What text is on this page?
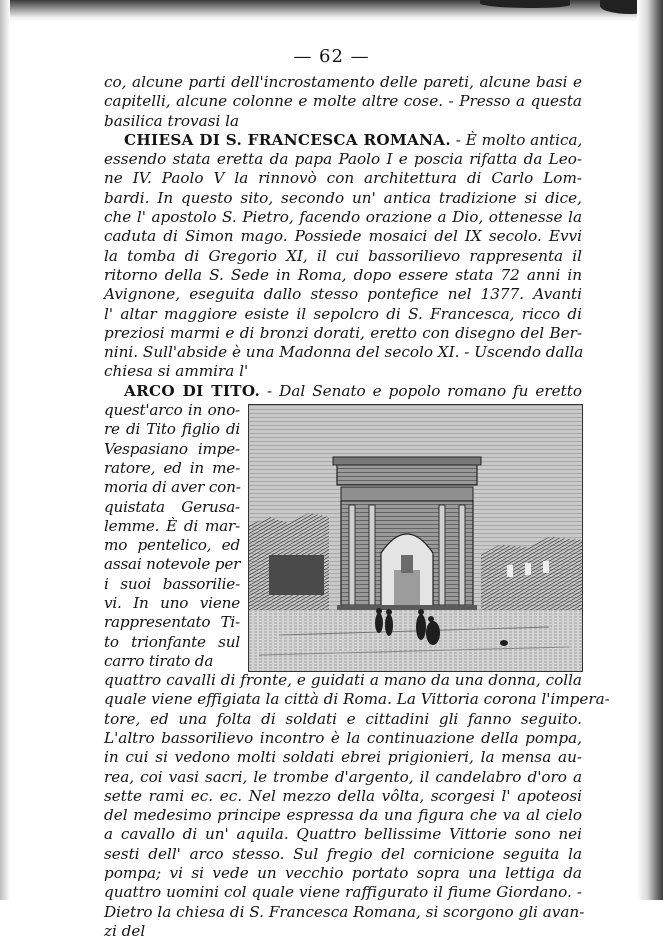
— 62 —
co, alcune parti dell'incrostamento delle pareti, alcune basi e
capitelli, alcune colonne e molte altre cose. - Presso a questa
basilica trovasi la
CHIESA DI S. FRANCESCA ROMANA. - È molto antica,
essendo stata eretta da papa Paolo I e poscia rifatta da Leo-
ne IV. Paolo V la rinnovò con architettura di Carlo Lom-
bardi. In questo sito, secondo un' antica tradizione si dice,
che l' apostolo S. Pietro, facendo orazione a Dio, ottenesse la
caduta di Simon mago. Possiede mosaici del IX secolo. Evvi
la tomba di Gregorio XI, il cui bassorilievo rappresenta il
ritorno della S. Sede in Roma, dopo essere stata 72 anni in
Avignone, eseguita dallo stesso pontefice nel 1377. Avanti
l' altar maggiore esiste il sepolcro di S. Francesca, ricco di
preziosi marmi e di bronzi dorati, eretto con disegno del Ber-
nini. Sull'abside è una Madonna del secolo XI. - Uscendo dalla
chiesa si ammira l'
ARCO DI TITO. - Dal Senato e popolo romano fu eretto
quest'arco in ono-
re di Tito figlio di
Vespasiano impe-
ratore, ed in me-
moria di aver con-
quistata Gerusa-
lemme. È di mar-
mo pentelico, ed
assai notevole per
i suoi bassorilie-
vi. In uno viene
rappresentato Ti-
to trionfante sul
carro tirato da
quattro cavalli di fronte, e guidati a mano da una donna, colla
quale viene effigiata la città di Roma. La Vittoria corona l'impera-
tore, ed una folta di soldati e cittadini gli fanno seguito.
L'altro bassorilievo incontro è la continuazione della pompa,
in cui si vedono molti soldati ebrei prigionieri, la mensa au-
rea, coi vasi sacri, le trombe d'argento, il candelabro d'oro a
sette rami ec. ec. Nel mezzo della vôlta, scorgesi l' apoteosi
del medesimo principe espressa da una figura che va al cielo
a cavallo di un' aquila. Quattro bellissime Vittorie sono nei
sesti dell' arco stesso. Sul fregio del cornicione seguita la
pompa; vi si vede un vecchio portato sopra una lettiga da
quattro uomini col quale viene raffigurato il fiume Giordano. -
Dietro la chiesa di S. Francesca Romana, si scorgono gli avan-
zi del
